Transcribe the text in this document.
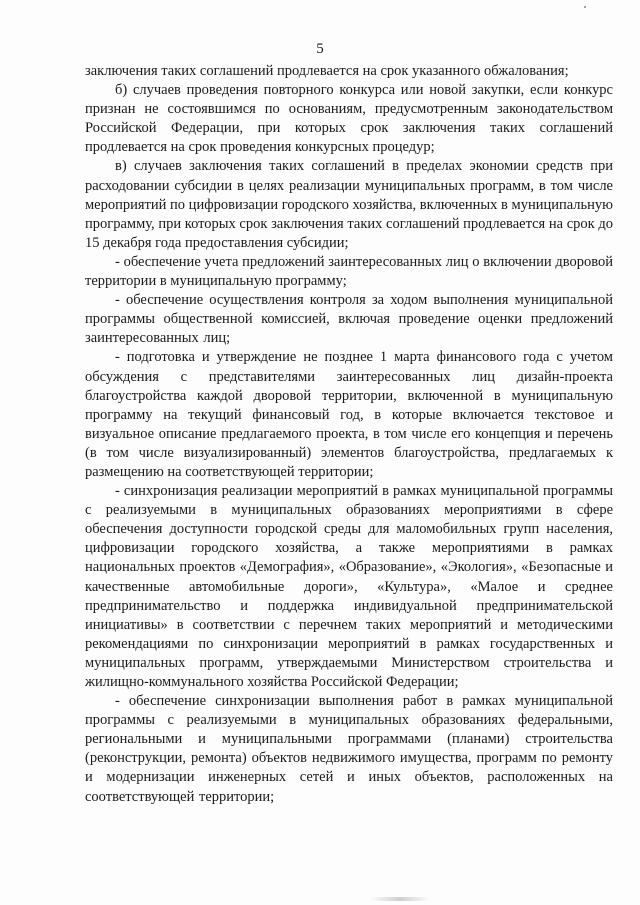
5

заключения таких соглашений продлевается на срок указанного обжалования;

б) случаев проведения повторного конкурса или новой закупки, если конкурс признан не состоявшимся по основаниям, предусмотренным законодательством Российской Федерации, при которых срок заключения таких соглашений продлевается на срок проведения конкурсных процедур;

в) случаев заключения таких соглашений в пределах экономии средств при расходовании субсидии в целях реализации муниципальных программ, в том числе мероприятий по цифровизации городского хозяйства, включенных в муниципальную программу, при которых срок заключения таких соглашений продлевается на срок до 15 декабря года предоставления субсидии;

- обеспечение учета предложений заинтересованных лиц о включении дворовой территории в муниципальную программу;

- обеспечение осуществления контроля за ходом выполнения муниципальной программы общественной комиссией, включая проведение оценки предложений заинтересованных лиц;

- подготовка и утверждение не позднее 1 марта финансового года с учетом обсуждения с представителями заинтересованных лиц дизайн-проекта благоустройства каждой дворовой территории, включенной в муниципальную программу на текущий финансовый год, в которые включается текстовое и визуальное описание предлагаемого проекта, в том числе его концепция и перечень (в том числе визуализированный) элементов благоустройства, предлагаемых к размещению на соответствующей территории;

- синхронизация реализации мероприятий в рамках муниципальной программы с реализуемыми в муниципальных образованиях мероприятиями в сфере обеспечения доступности городской среды для маломобильных групп населения, цифровизации городского хозяйства, а также мероприятиями в рамках национальных проектов «Демография», «Образование», «Экология», «Безопасные и качественные автомобильные дороги», «Культура», «Малое и среднее предпринимательство и поддержка индивидуальной предпринимательской инициативы» в соответствии с перечнем таких мероприятий и методическими рекомендациями по синхронизации мероприятий в рамках государственных и муниципальных программ, утверждаемыми Министерством строительства и жилищно-коммунального хозяйства Российской Федерации;

- обеспечение синхронизации выполнения работ в рамках муниципальной программы с реализуемыми в муниципальных образованиях федеральными, региональными и муниципальными программами (планами) строительства (реконструкции, ремонта) объектов недвижимого имущества, программ по ремонту и модернизации инженерных сетей и иных объектов, расположенных на соответствующей территории;
